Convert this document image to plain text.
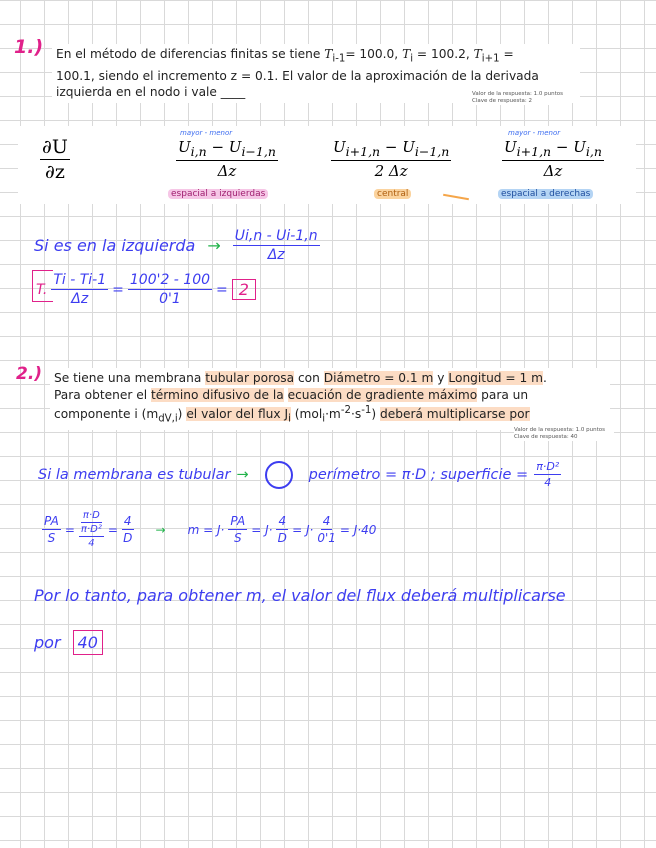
1.) En el método de diferencias finitas se tiene $T_{i-1}= 100.0$, $T_i = 100.2$, $T_{i+1}$ =
100.1, siendo el incremento z = 0.1. El valor de la aproximación de la derivada
izquierda en el nodo i vale ____	Valor de la respuesta: 1.0 puntos
Clave de respuesta: 2
$\frac{\partial U}{\partial z}$
mayor - menor
$\frac{U_{i,n} - U_{i-1,n}}{\Delta z}$
espacial a izquierdas
$\frac{U_{i+1,n} - U_{i-1,n}}{2 \Delta z}$
central
mayor - menor
$\frac{U_{i+1,n} - U_{i,n}}{\Delta z}$
espacial a derechas
Si es en la izquierda → $\frac{Ui,n - Ui-1,n}{\Delta z}$
T. $\frac{Ti - Ti-1}{\Delta z} = \frac{100'2 - 100}{0'1} = 2$
2.) Se tiene una membrana tubular porosa con Diámetro = 0.1 m y Longitud = 1 m.
Para obtener el término difusivo de la ecuación de gradiente máximo para un
componente i $(m_{dV,i})$ el valor del flux $J_i$ $(mol_i\cdot m^{-2}\cdot s^{-1})$ deberá multiplicarse por
Valor de la respuesta: 1.0 puntos
Clave de respuesta: 40
Si la membrana es tubular →	perímetro = π·D ; superficie = $\frac{\text{π·D²}}{4}$
$\frac{PA}{S} = \frac{\pi\cdot D}{\frac{\text{π·D²}}{4}} = \frac{4}{D} \to m = J\cdot \frac{PA}{S} = J\cdot \frac{4}{D} = J\cdot \frac{4}{0'1} = J\cdot 40$
Por lo tanto, para obtener m, el valor del flux deberá multiplicarse
por	40
